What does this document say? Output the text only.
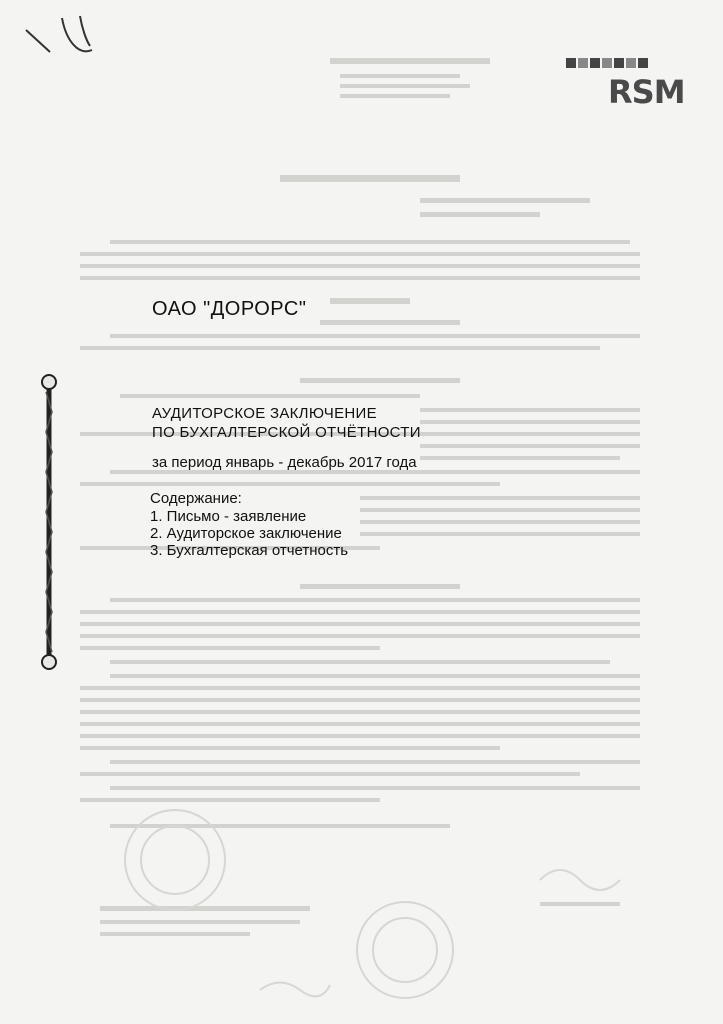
RSM
ОАО "ДОРОРС"
АУДИТОРСКОЕ ЗАКЛЮЧЕНИЕ
ПО БУХГАЛТЕРСКОЙ ОТЧЁТНОСТИ
за период январь - декабрь 2017 года
Содержание:
1. Письмо - заявление
2. Аудиторское заключение
3. Бухгалтерская отчетность
